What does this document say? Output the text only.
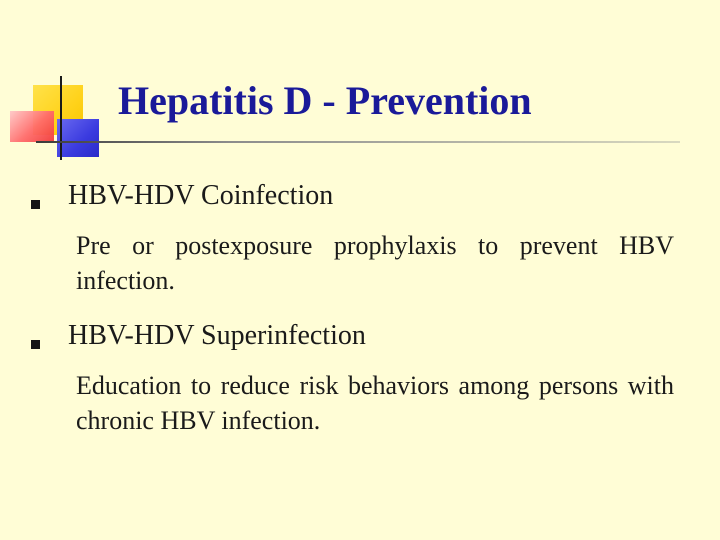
Hepatitis D - Prevention

HBV-HDV Coinfection

Pre or postexposure prophylaxis to prevent HBV infection.

HBV-HDV Superinfection

Education to reduce risk behaviors among persons with chronic HBV infection.
